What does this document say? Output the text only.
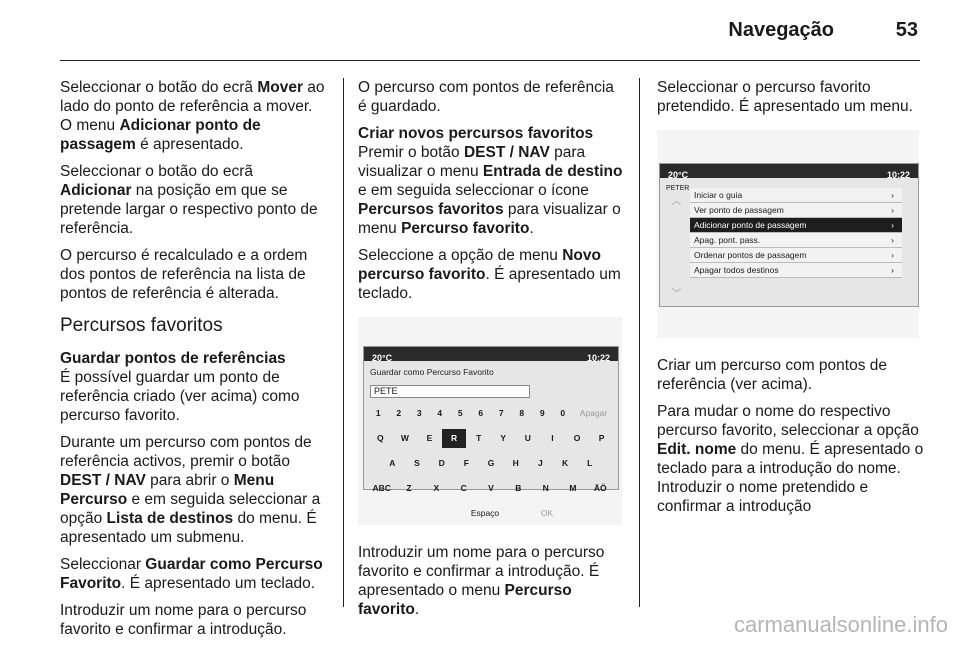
Navegação	53

Seleccionar o botão do ecrã Mover ao lado do ponto de referência a mover. O menu Adicionar ponto de passagem é apresentado.

Seleccionar o botão do ecrã Adicionar na posição em que se pretende largar o respectivo ponto de referência.

O percurso é recalculado e a ordem dos pontos de referência na lista de pontos de referência é alterada.

Percursos favoritos

Guardar pontos de referências
É possível guardar um ponto de referência criado (ver acima) como percurso favorito.

Durante um percurso com pontos de referência activos, premir o botão DEST / NAV para abrir o Menu Percurso e em seguida seleccionar a opção Lista de destinos do menu. É apresentado um submenu.

Seleccionar Guardar como Percurso Favorito. É apresentado um teclado.

Introduzir um nome para o percurso favorito e confirmar a introdução.

O percurso com pontos de referência é guardado.

Criar novos percursos favoritos
Premir o botão DEST / NAV para visualizar o menu Entrada de destino e em seguida seleccionar o ícone Percursos favoritos para visualizar o menu Percurso favorito.

Seleccione a opção de menu Novo percurso favorito. É apresentado um teclado.

20°C	10:22
Guardar como Percurso Favorito
PETE
1	2	3	4	5	6	7	8	9	0	Apagar
Q	W	E	R	T	Y	U	I	O	P
A	S	D	F	G	H	J	K	L
ABC	Z	X	C	V	B	N	M	ÄÖ
Espaço	OK

Introduzir um nome para o percurso favorito e confirmar a introdução. É apresentado o menu Percurso favorito.

Seleccionar o percurso favorito pretendido. É apresentado um menu.

20°C	10:22
PETER
︿
﹀
Iniciar o guia	›
Ver ponto de passagem	›
Adicionar ponto de passagem	›
Apag. pont. pass.	›
Ordenar pontos de passagem	›
Apagar todos destinos	›

Criar um percurso com pontos de referência (ver acima).

Para mudar o nome do respectivo percurso favorito, seleccionar a opção Edit. nome do menu. É apresentado o teclado para a introdução do nome. Introduzir o nome pretendido e confirmar a introdução

carmanualsonline.info
